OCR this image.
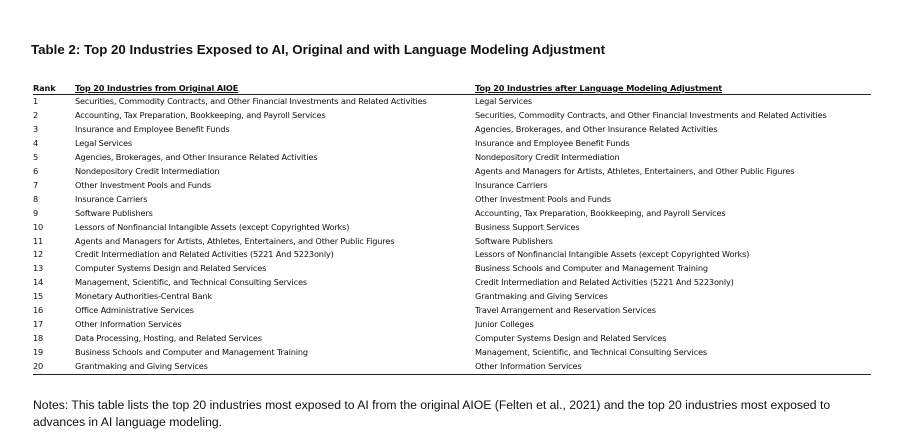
Table 2: Top 20 Industries Exposed to AI, Original and with Language Modeling Adjustment
Rank	Top 20 Industries from Original AIOE	Top 20 Industries after Language Modeling Adjustment
1	Securities, Commodity Contracts, and Other Financial Investments and Related Activities	Legal Services
2	Accounting, Tax Preparation, Bookkeeping, and Payroll Services	Securities, Commodity Contracts, and Other Financial Investments and Related Activities
3	Insurance and Employee Benefit Funds	Agencies, Brokerages, and Other Insurance Related Activities
4	Legal Services	Insurance and Employee Benefit Funds
5	Agencies, Brokerages, and Other Insurance Related Activities	Nondepository Credit Intermediation
6	Nondepository Credit Intermediation	Agents and Managers for Artists, Athletes, Entertainers, and Other Public Figures
7	Other Investment Pools and Funds	Insurance Carriers
8	Insurance Carriers	Other Investment Pools and Funds
9	Software Publishers	Accounting, Tax Preparation, Bookkeeping, and Payroll Services
10	Lessors of Nonfinancial Intangible Assets (except Copyrighted Works)	Business Support Services
11	Agents and Managers for Artists, Athletes, Entertainers, and Other Public Figures	Software Publishers
12	Credit Intermediation and Related Activities (5221 And 5223only)	Lessors of Nonfinancial Intangible Assets (except Copyrighted Works)
13	Computer Systems Design and Related Services	Business Schools and Computer and Management Training
14	Management, Scientific, and Technical Consulting Services	Credit Intermediation and Related Activities (5221 And 5223only)
15	Monetary Authorities-Central Bank	Grantmaking and Giving Services
16	Office Administrative Services	Travel Arrangement and Reservation Services
17	Other Information Services	Junior Colleges
18	Data Processing, Hosting, and Related Services	Computer Systems Design and Related Services
19	Business Schools and Computer and Management Training	Management, Scientific, and Technical Consulting Services
20	Grantmaking and Giving Services	Other Information Services
Notes: This table lists the top 20 industries most exposed to AI from the original AIOE (Felten et al., 2021) and the top 20 industries most exposed to advances in AI language modeling.
